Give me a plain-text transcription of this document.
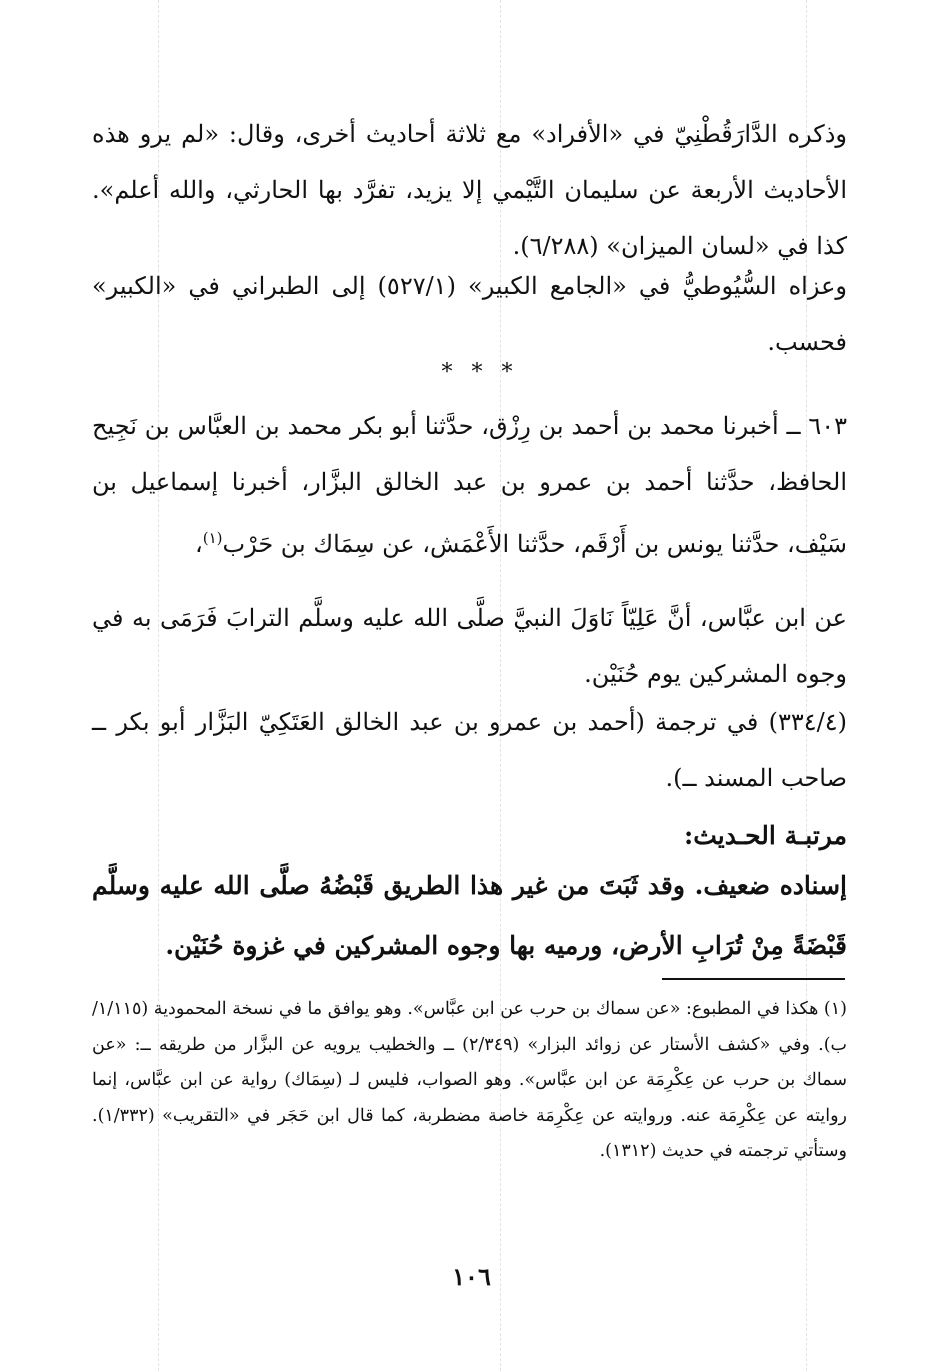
وذكره الدَّارَقُطْنِيّ في «الأفراد» مع ثلاثة أحاديث أخرى، وقال: «لم يرو هذه الأحاديث الأربعة عن سليمان التَّيْمي إلا يزيد، تفرَّد بها الحارثي، والله أعلم». كذا في «لسان الميزان» (٦/٢٨٨).

وعزاه السُّيُوطيُّ في «الجامع الكبير» (٥٢٧/١) إلى الطبراني في «الكبير» فحسب.

* * *

٦٠٣ ــ أخبرنا محمد بن أحمد بن رِزْق، حدَّثنا أبو بكر محمد بن العبَّاس بن نَجِيح الحافظ، حدَّثنا أحمد بن عمرو بن عبد الخالق البزَّار، أخبرنا إسماعيل بن سَيْف، حدَّثنا يونس بن أَرْقَم، حدَّثنا الأَعْمَش، عن سِمَاك بن حَرْب$^{(١)}$،

عن ابن عبَّاس، أنَّ عَلِيّاً نَاوَلَ النبيَّ صلَّى الله عليه وسلَّم الترابَ فَرَمَى به في وجوه المشركين يوم حُنَيْن.

(٣٣٤/٤) في ترجمة (أحمد بن عمرو بن عبد الخالق العَتَكِيّ البَزَّار أبو بكر ــ صاحب المسند ــ).

مرتبـة الحـديث:

إسناده ضعيف. وقد ثَبَتَ من غير هذا الطريق قَبْضُهُ صلَّى الله عليه وسلَّم قَبْضَةً مِنْ تُرَابِ الأرض، ورميه بها وجوه المشركين في غزوة حُنَيْن.

(١) هكذا في المطبوع: «عن سماك بن حرب عن ابن عبَّاس». وهو يوافق ما في نسخة المحمودية (١/١١٥/ب). وفي «كشف الأستار عن زوائد البزار» (٢/٣٤٩) ــ والخطيب يرويه عن البزَّار من طريقه ــ: «عن سماك بن حرب عن عِكْرِمَة عن ابن عبَّاس». وهو الصواب، فليس لـ (سِمَاك) رواية عن ابن عبَّاس، إنما روايته عن عِكْرِمَة عنه. وروايته عن عِكْرِمَة خاصة مضطربة، كما قال ابن حَجَر في «التقريب» (١/٣٣٢). وستأتي ترجمته في حديث (١٣١٢).

١٠٦
